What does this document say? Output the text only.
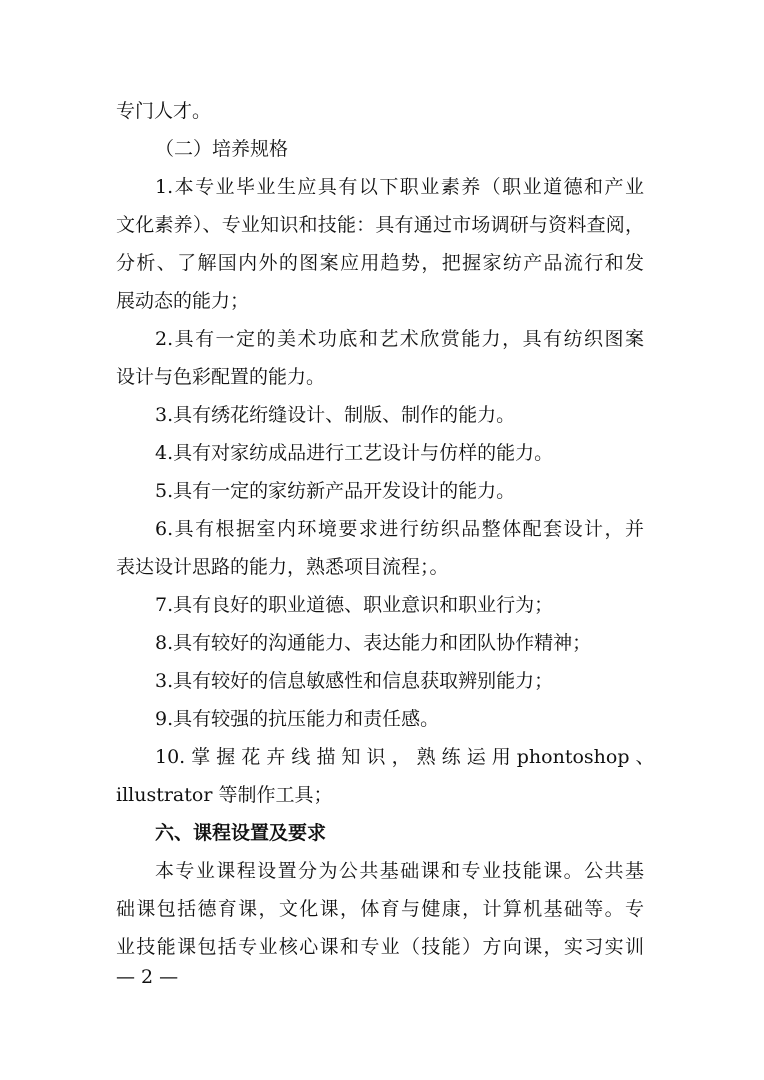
专门人才。
（二）培养规格
1.本专业毕业生应具有以下职业素养（职业道德和产业
文化素养）、专业知识和技能：具有通过市场调研与资料查阅，
分析、了解国内外的图案应用趋势，把握家纺产品流行和发
展动态的能力；
2.具有一定的美术功底和艺术欣赏能力，具有纺织图案
设计与色彩配置的能力。
3.具有绣花绗缝设计、制版、制作的能力。
4.具有对家纺成品进行工艺设计与仿样的能力。
5.具有一定的家纺新产品开发设计的能力。
6.具有根据室内环境要求进行纺织品整体配套设计，并
表达设计思路的能力，熟悉项目流程；。
7.具有良好的职业道德、职业意识和职业行为；
8.具有较好的沟通能力、表达能力和团队协作精神；
3.具有较好的信息敏感性和信息获取辨别能力；
9.具有较强的抗压能力和责任感。
10. 掌 握 花 卉 线 描 知 识 ， 熟 练 运 用 phontoshop 、
illustrator 等制作工具；
六、课程设置及要求
本专业课程设置分为公共基础课和专业技能课。公共基
础课包括德育课，文化课，体育与健康，计算机基础等。专
业技能课包括专业核心课和专业（技能）方向课，实习实训
— 2 —
